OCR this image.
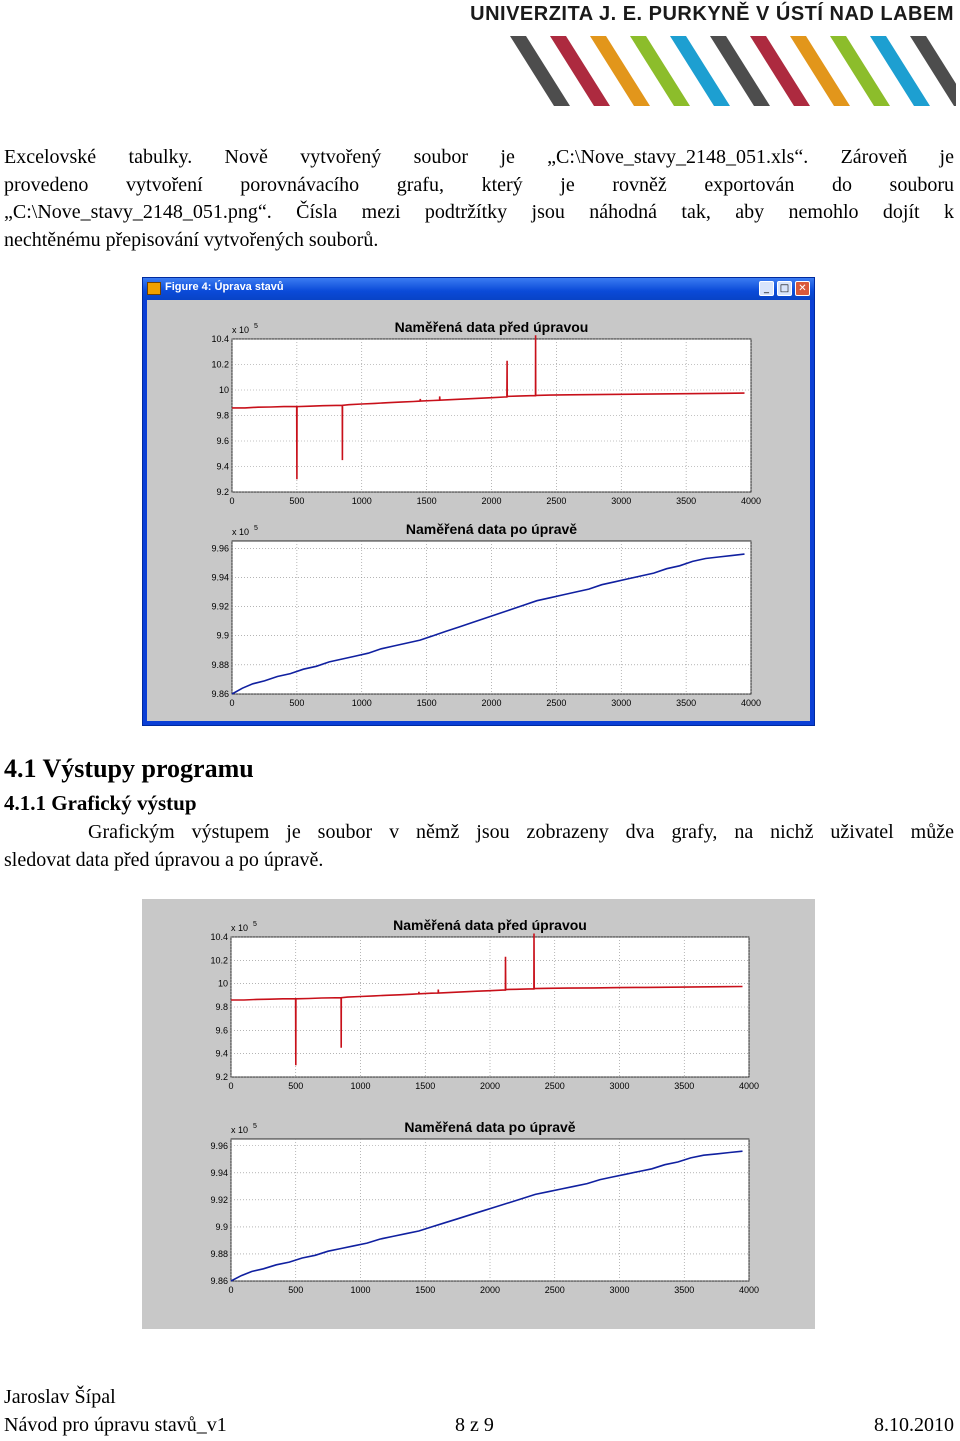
UNIVERZITA J. E. PURKYNĚ V ÚSTÍ NAD LABEM
Excelovské tabulky. Nově vytvořený soubor je „C:\Nove_stavy_2148_051.xls“. Zároveň je
provedeno vytvoření porovnávacího grafu, který je rovněž exportován do souboru
„C:\Nove_stavy_2148_051.png“. Čísla mezi podtržítky jsou náhodná tak, aby nemohlo dojít k
nechtěnému přepisování vytvořených souborů.
Figure 4: Úprava stavů	_	□ ✕
0	500	1000	1500	2000	2500	3000	3500	4000
9.2
9.4
9.6
9.8
10
10.2
10.4
x 10 5	Naměřená data před úpravou
0	500	1000	1500	2000	2500	3000	3500	4000
9.86
9.88
9.9
9.92
9.94
9.96
x 10 5	Naměřená data po úpravě
4.1 Výstupy programu
4.1.1 Grafický výstup
Grafickým výstupem je soubor v němž jsou zobrazeny dva grafy, na nichž uživatel může
sledovat data před úpravou a po úpravě.
0	500	1000	1500	2000	2500	3000	3500	4000
9.2
9.4
9.6
9.8
10
10.2
10.4
x 10 5	Naměřená data před úpravou
0	500	1000	1500	2000	2500	3000	3500	4000
9.86
9.88
9.9
9.92
9.94
9.96
x 10 5	Naměřená data po úpravě
Jaroslav Šípal
Návod pro úpravu stavů_v1	8 z 9	8.10.2010
